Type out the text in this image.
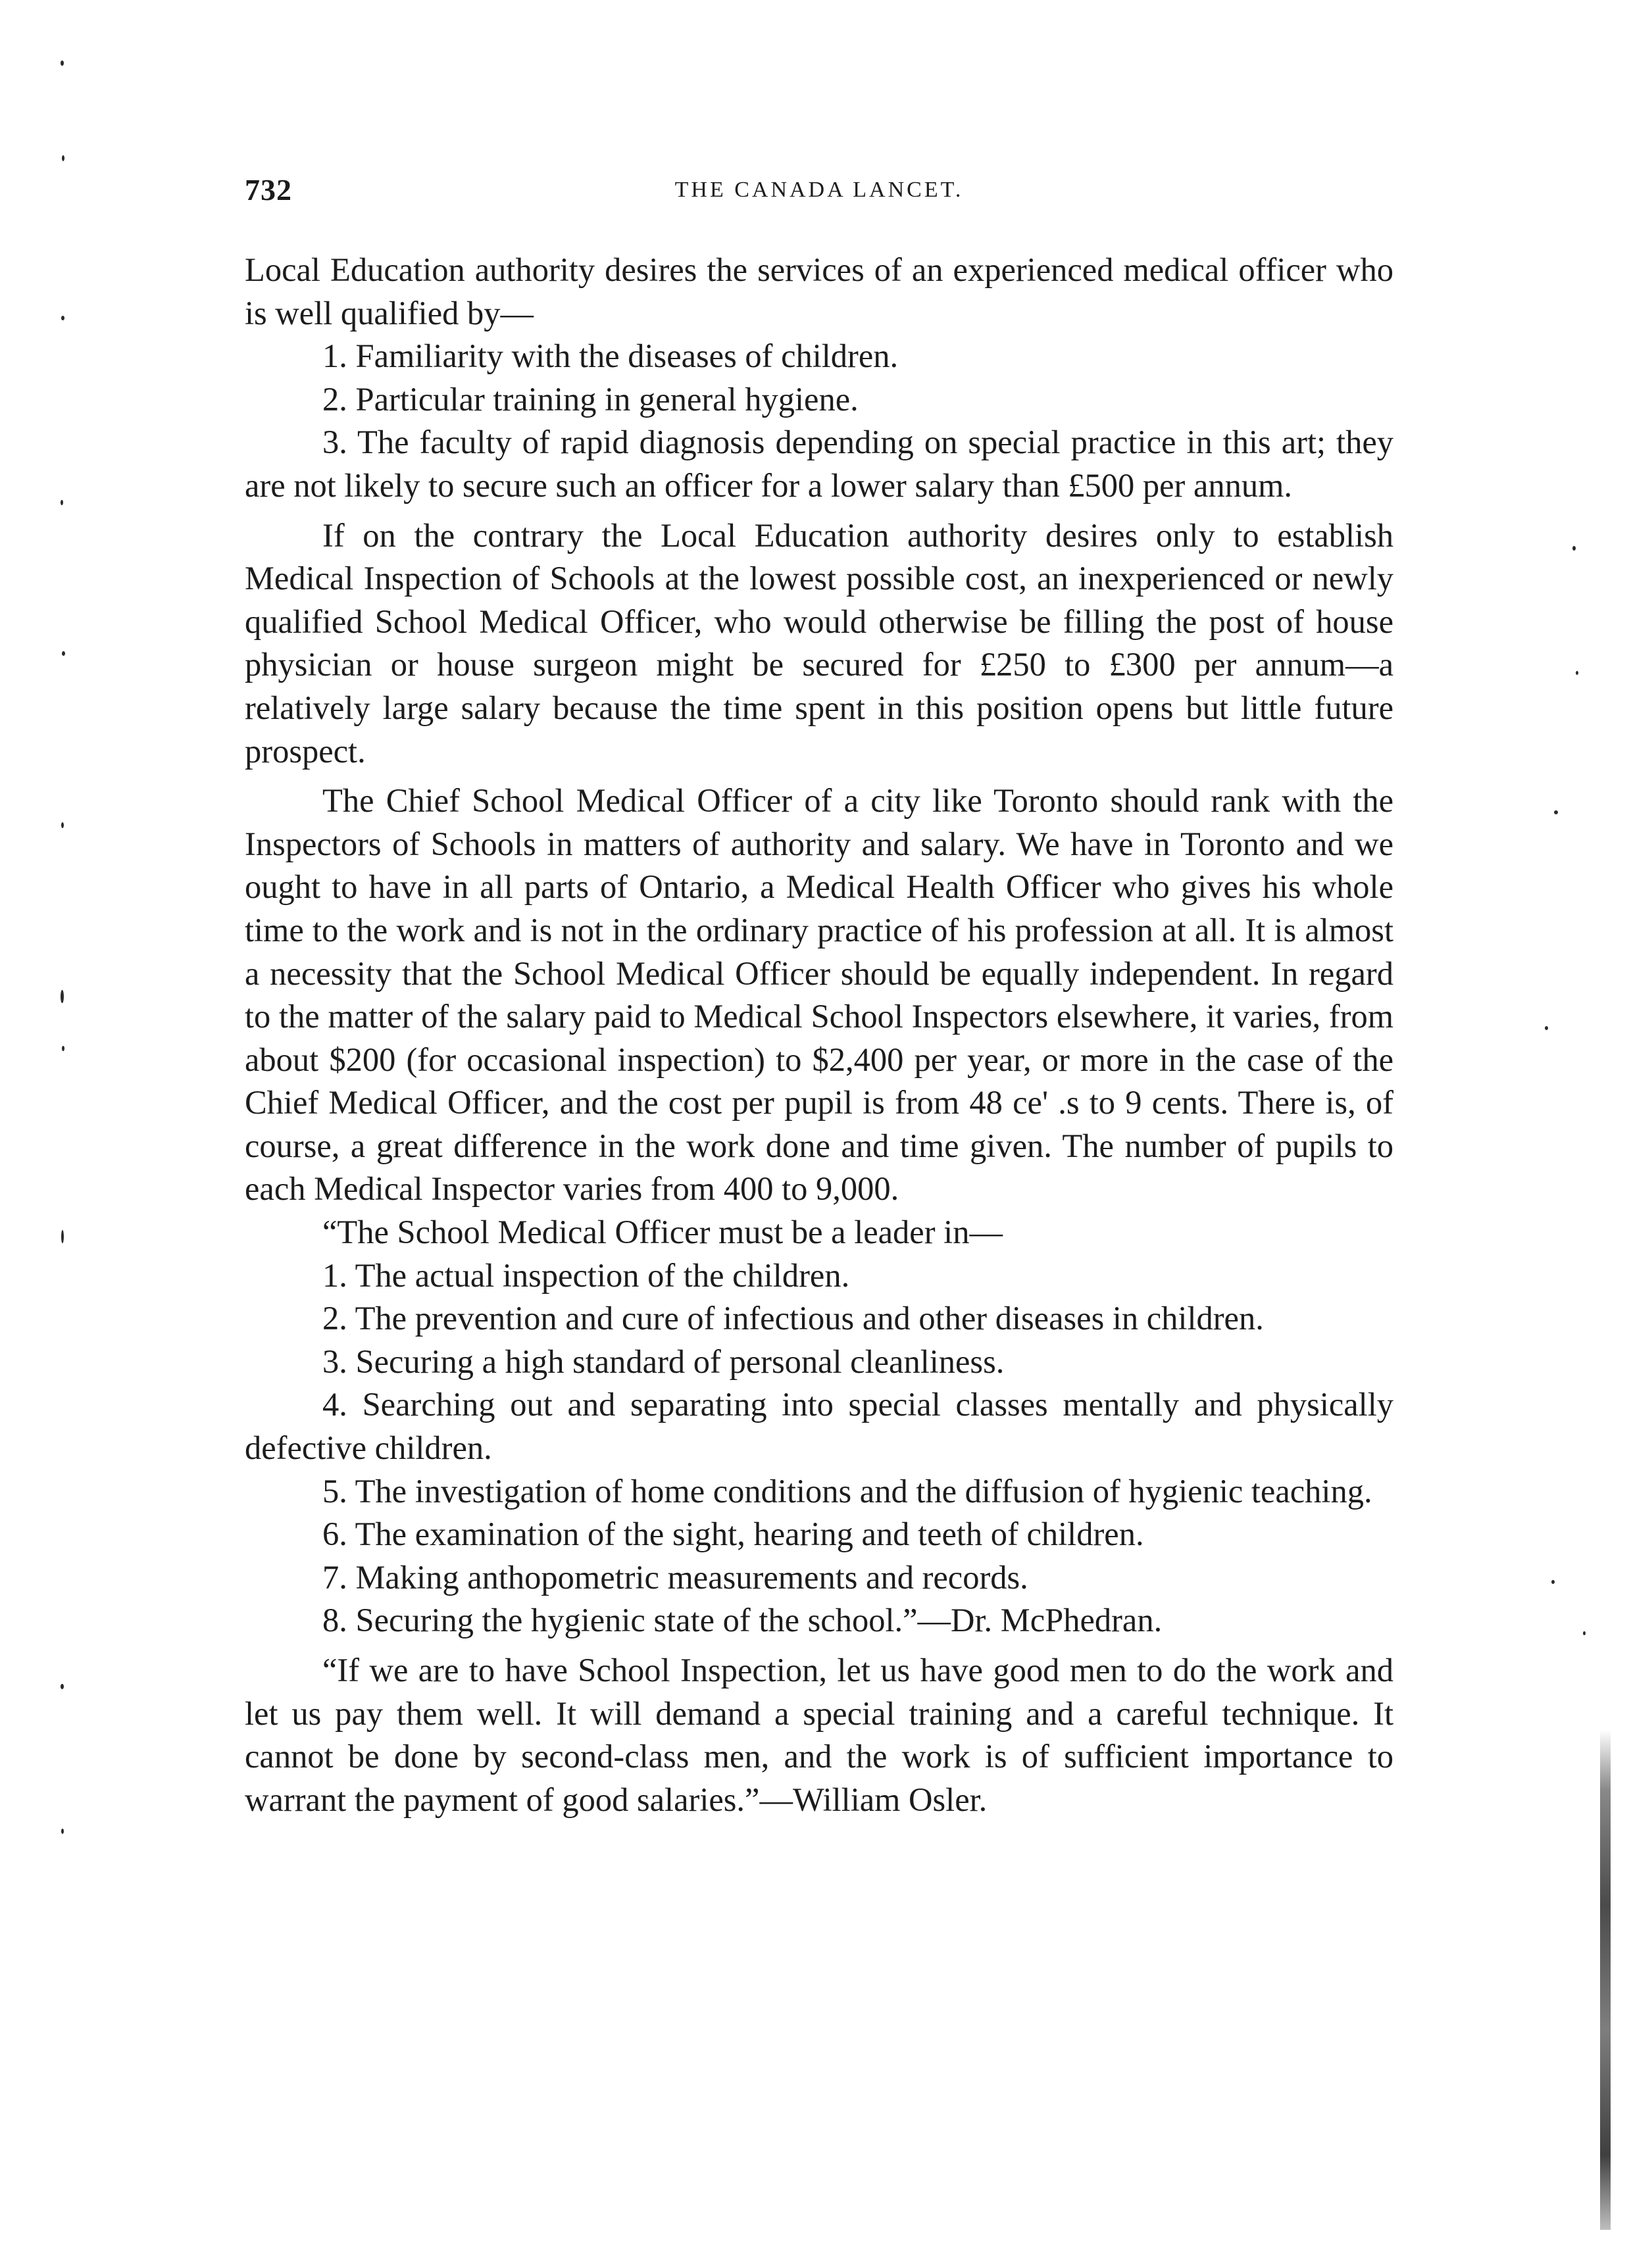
732	THE CANADA LANCET.

Local Education authority desires the services of an experienced medical officer who is well qualified by—

1. Familiarity with the diseases of children.

2. Particular training in general hygiene.

3. The faculty of rapid diagnosis depending on special practice in this art; they are not likely to secure such an officer for a lower salary than £500 per annum.

If on the contrary the Local Education authority desires only to establish Medical Inspection of Schools at the lowest possible cost, an inexperienced or newly qualified School Medical Officer, who would otherwise be filling the post of house physician or house surgeon might be secured for £250 to £300 per annum—a relatively large salary because the time spent in this position opens but little future prospect.

The Chief School Medical Officer of a city like Toronto should rank with the Inspectors of Schools in matters of authority and salary. We have in Toronto and we ought to have in all parts of Ontario, a Medical Health Officer who gives his whole time to the work and is not in the ordinary practice of his profession at all. It is almost a necessity that the School Medical Officer should be equally independent. In regard to the matter of the salary paid to Medical School Inspectors elsewhere, it varies, from about $200 (for occasional inspection) to $2,400 per year, or more in the case of the Chief Medical Officer, and the cost per pupil is from 48 ce' .s to 9 cents. There is, of course, a great difference in the work done and time given. The number of pupils to each Medical Inspector varies from 400 to 9,000.

“The School Medical Officer must be a leader in—

1. The actual inspection of the children.

2. The prevention and cure of infectious and other diseases in children.

3. Securing a high standard of personal cleanliness.

4. Searching out and separating into special classes mentally and physically defective children.

5. The investigation of home conditions and the diffusion of hygienic teaching.

6. The examination of the sight, hearing and teeth of children.

7. Making anthopometric measurements and records.

8. Securing the hygienic state of the school.”—Dr. McPhedran.

“If we are to have School Inspection, let us have good men to do the work and let us pay them well. It will demand a special training and a careful technique. It cannot be done by second-class men, and the work is of sufficient importance to warrant the payment of good salaries.”—William Osler.
